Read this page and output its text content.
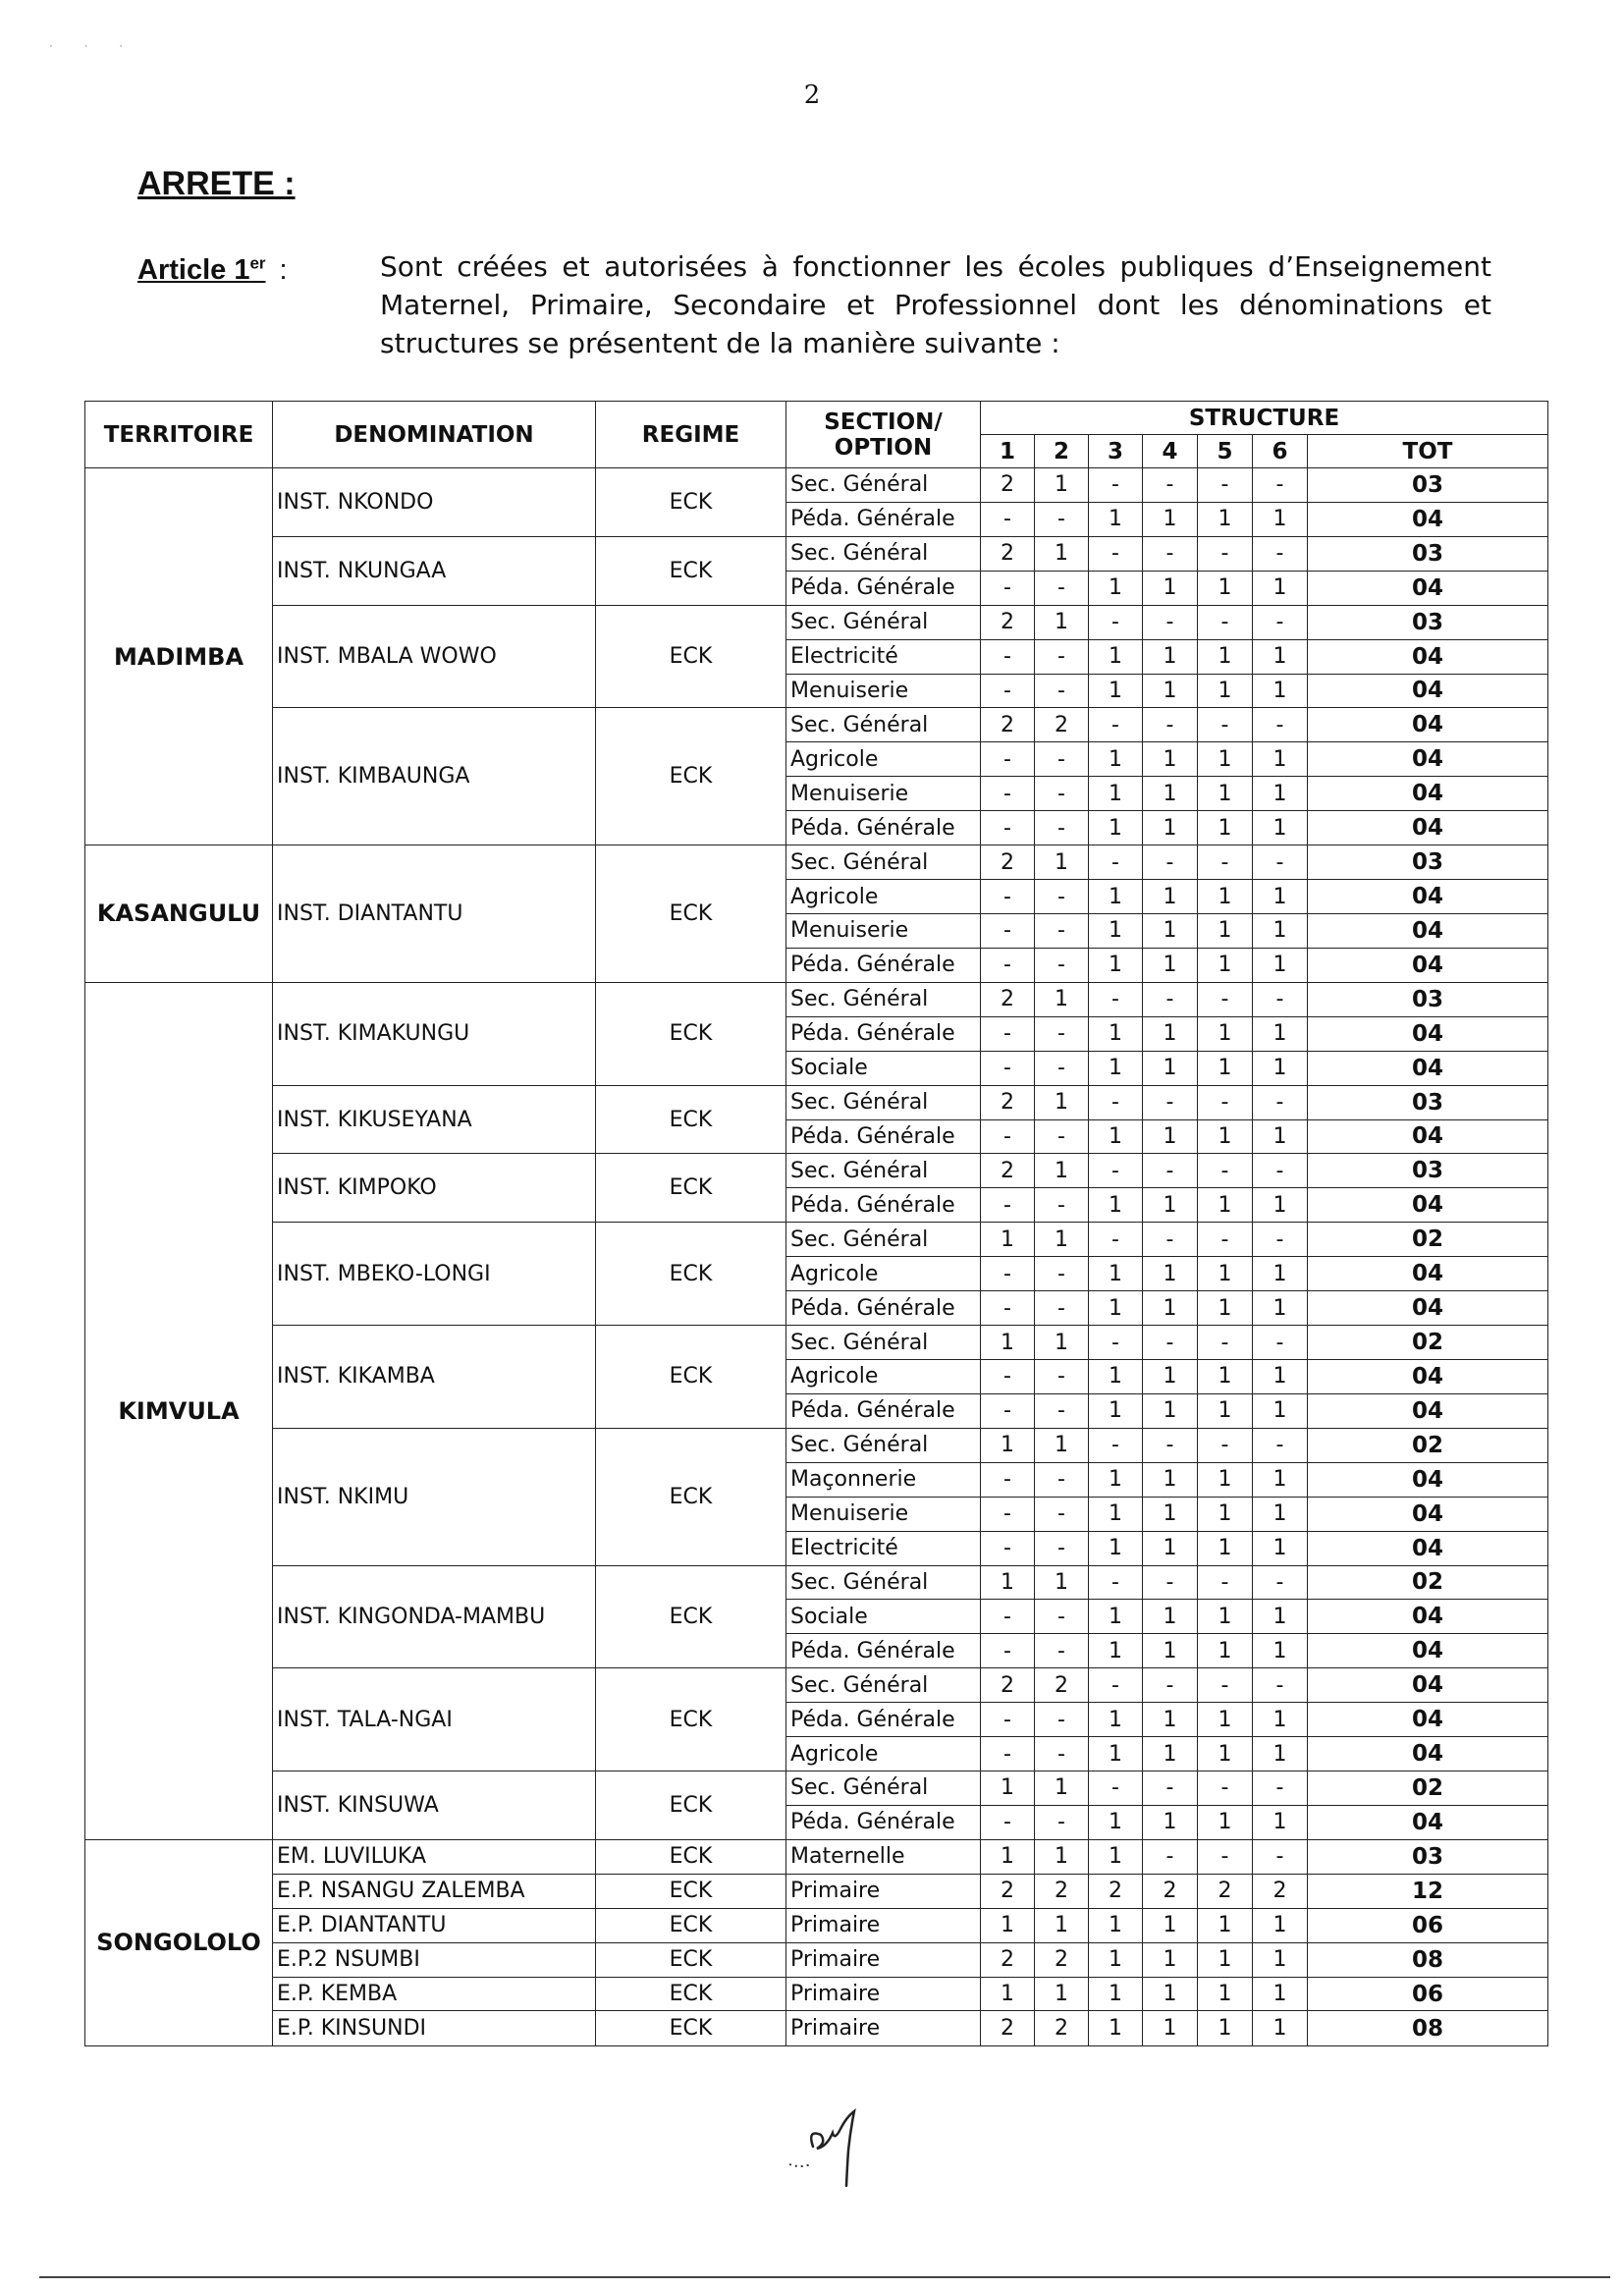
· · ·
2
ARRETE :
Article 1er :	Sont créées et autorisées à fonctionner les écoles publiques d’Enseignement Maternel, Primaire, Secondaire et Professionnel dont les dénominations et structures se présentent de la manière suivante :
TERRITOIRE	DENOMINATION	REGIME	SECTION/
OPTION	STRUCTURE						
				1	2	3	4	5	6	TOT
MADIMBA	INST. NKONDO	ECK	Sec. Général	2	1	-	-	-	-	03
			Péda. Générale	-	-	1	1	1	1	04
	INST. NKUNGAA	ECK	Sec. Général	2	1	-	-	-	-	03
			Péda. Générale	-	-	1	1	1	1	04
	INST. MBALA WOWO	ECK	Sec. Général	2	1	-	-	-	-	03
			Electricité	-	-	1	1	1	1	04
			Menuiserie	-	-	1	1	1	1	04
	INST. KIMBAUNGA	ECK	Sec. Général	2	2	-	-	-	-	04
			Agricole	-	-	1	1	1	1	04
			Menuiserie	-	-	1	1	1	1	04
			Péda. Générale	-	-	1	1	1	1	04
KASANGULU	INST. DIANTANTU	ECK	Sec. Général	2	1	-	-	-	-	03
			Agricole	-	-	1	1	1	1	04
			Menuiserie	-	-	1	1	1	1	04
			Péda. Générale	-	-	1	1	1	1	04
KIMVULA	INST. KIMAKUNGU	ECK	Sec. Général	2	1	-	-	-	-	03
			Péda. Générale	-	-	1	1	1	1	04
			Sociale	-	-	1	1	1	1	04
	INST. KIKUSEYANA	ECK	Sec. Général	2	1	-	-	-	-	03
			Péda. Générale	-	-	1	1	1	1	04
	INST. KIMPOKO	ECK	Sec. Général	2	1	-	-	-	-	03
			Péda. Générale	-	-	1	1	1	1	04
	INST. MBEKO-LONGI	ECK	Sec. Général	1	1	-	-	-	-	02
			Agricole	-	-	1	1	1	1	04
			Péda. Générale	-	-	1	1	1	1	04
	INST. KIKAMBA	ECK	Sec. Général	1	1	-	-	-	-	02
			Agricole	-	-	1	1	1	1	04
			Péda. Générale	-	-	1	1	1	1	04
	INST. NKIMU	ECK	Sec. Général	1	1	-	-	-	-	02
			Maçonnerie	-	-	1	1	1	1	04
			Menuiserie	-	-	1	1	1	1	04
			Electricité	-	-	1	1	1	1	04
	INST. KINGONDA-MAMBU	ECK	Sec. Général	1	1	-	-	-	-	02
			Sociale	-	-	1	1	1	1	04
			Péda. Générale	-	-	1	1	1	1	04
	INST. TALA-NGAI	ECK	Sec. Général	2	2	-	-	-	-	04
			Péda. Générale	-	-	1	1	1	1	04
			Agricole	-	-	1	1	1	1	04
	INST. KINSUWA	ECK	Sec. Général	1	1	-	-	-	-	02
			Péda. Générale	-	-	1	1	1	1	04
SONGOLOLO	EM. LUVILUKA	ECK	Maternelle	1	1	1	-	-	-	03
	E.P. NSANGU ZALEMBA	ECK	Primaire	2	2	2	2	2	2	12
	E.P. DIANTANTU	ECK	Primaire	1	1	1	1	1	1	06
	E.P.2 NSUMBI	ECK	Primaire	2	2	1	1	1	1	08
	E.P. KEMBA	ECK	Primaire	1	1	1	1	1	1	06
	E.P. KINSUNDI	ECK	Primaire	2	2	1	1	1	1	08
